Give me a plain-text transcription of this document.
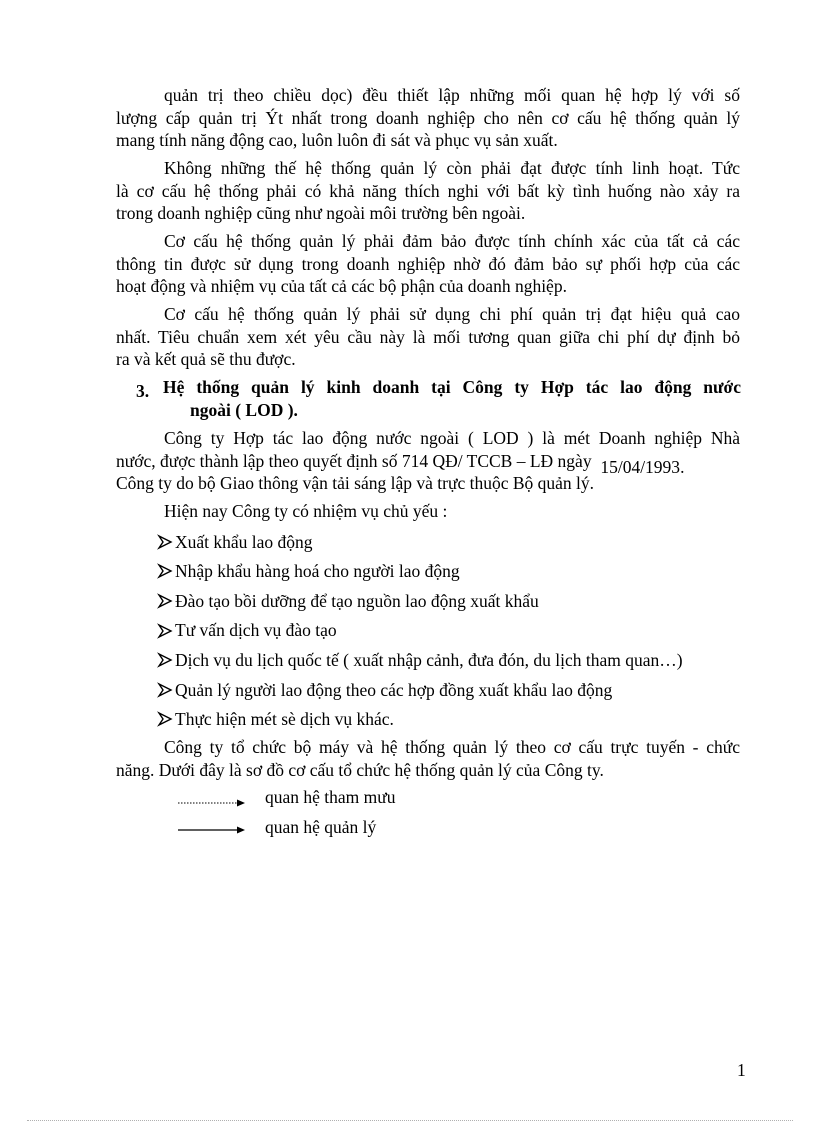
quản trị theo chiều dọc) đều thiết lập những mối quan hệ hợp lý với số
lượng cấp quản trị Ýt nhất trong doanh nghiệp cho nên cơ cấu hệ thống quản lý
mang tính năng động cao, luôn luôn đi sát và phục vụ sản xuất.
Không những thế hệ thống quản lý còn phải đạt được tính linh hoạt. Tức
là cơ cấu hệ thống phải có khả năng thích nghi với bất kỳ tình huống nào xảy ra
trong doanh nghiệp cũng như ngoài môi trường bên ngoài.
Cơ cấu hệ thống quản lý phải đảm bảo được tính chính xác của tất cả các
thông tin được sử dụng trong doanh nghiệp nhờ đó đảm bảo sự phối hợp của các
hoạt động và nhiệm vụ của tất cả các bộ phận của doanh nghiệp.
Cơ cấu hệ thống quản lý phải sử dụng chi phí quản trị đạt hiệu quả cao
nhất. Tiêu chuẩn xem xét yêu cầu này là mối tương quan giữa chi phí dự định bỏ
ra và kết quả sẽ thu được.
3. Hệ thống quản lý kinh doanh tại Công ty Hợp tác lao động nước
ngoài ( LOD ).
Công ty Hợp tác lao động nước ngoài ( LOD ) là mét Doanh nghiệp Nhà
nước, được thành lập theo quyết định số 714 QĐ/ TCCB – LĐ ngày 15/04/1993.
Công ty do bộ Giao thông vận tải sáng lập và trực thuộc Bộ quản lý.
Hiện nay Công ty có nhiệm vụ chủ yếu :
Xuất khẩu lao động
Nhập khẩu hàng hoá cho người lao động
Đào tạo bồi dưỡng để tạo nguồn lao động xuất khẩu
Tư vấn dịch vụ đào tạo
Dịch vụ du lịch quốc tế ( xuất nhập cảnh, đưa đón, du lịch tham quan…)
Quản lý người lao động theo các hợp đồng xuất khẩu lao động
Thực hiện mét sè dịch vụ khác.
Công ty tổ chức bộ máy và hệ thống quản lý theo cơ cấu trực tuyến - chức
năng. Dưới đây là sơ đồ cơ cấu tổ chức hệ thống quản lý của Công ty.
quan hệ tham mưu
quan hệ quản lý
1
